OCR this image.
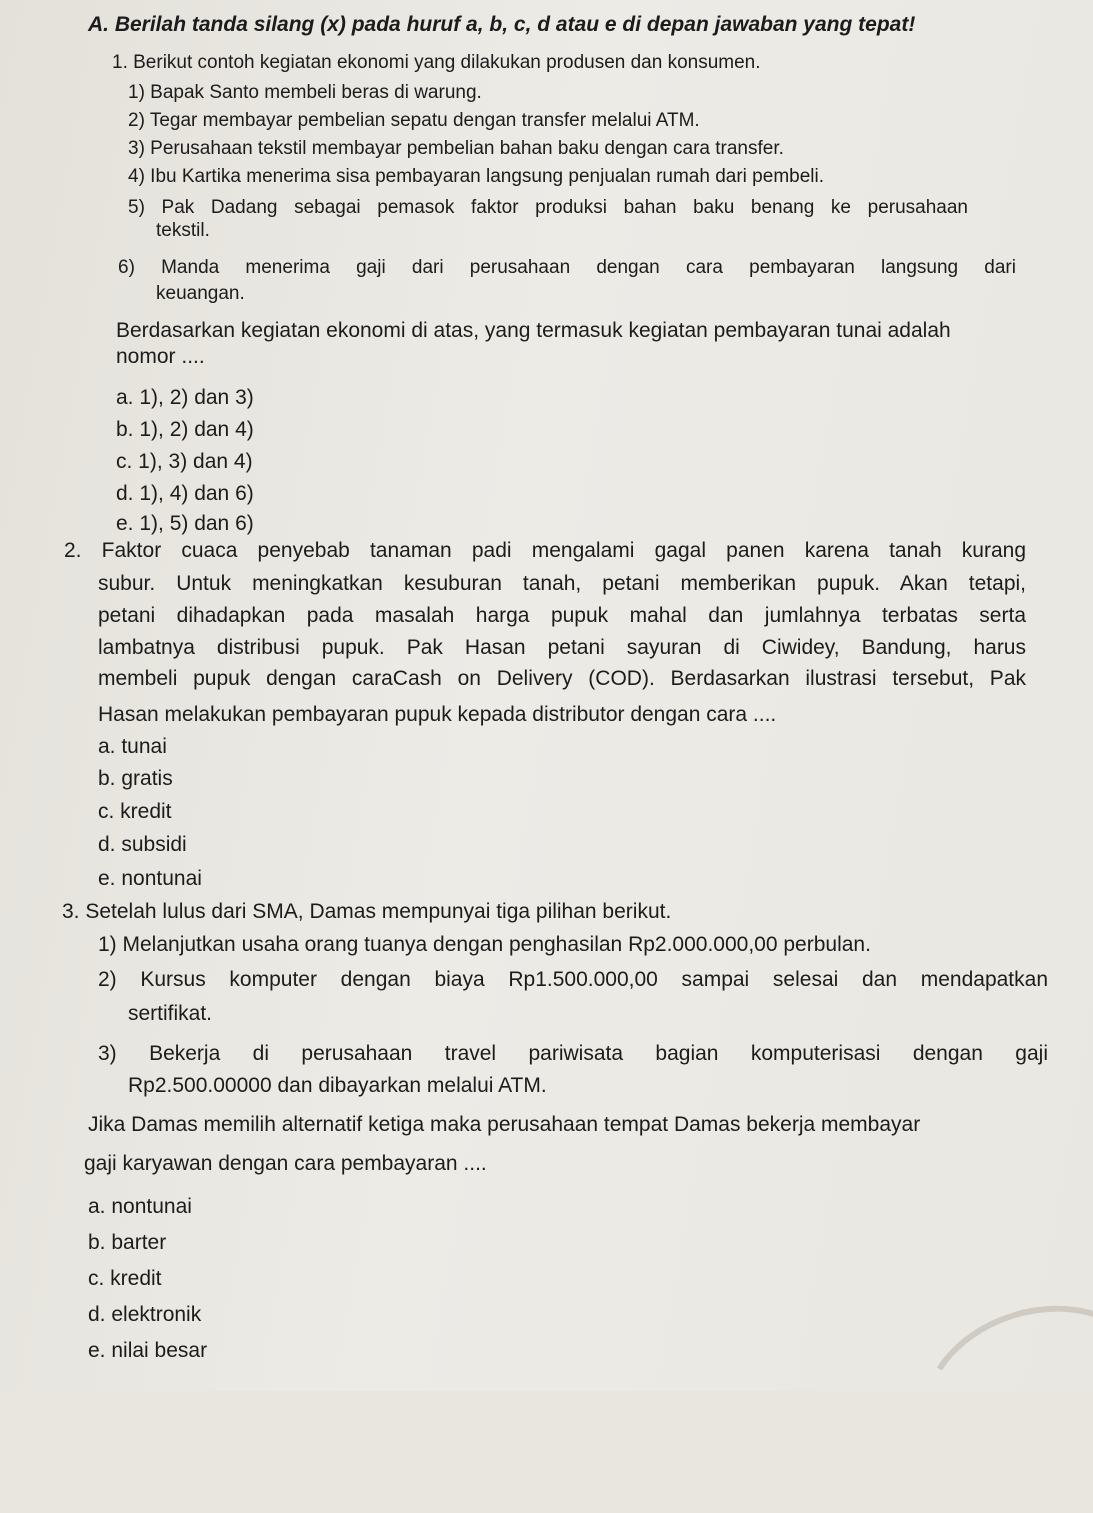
A. Berilah tanda silang (x) pada huruf a, b, c, d atau e di depan jawaban yang tepat!
1. Berikut contoh kegiatan ekonomi yang dilakukan produsen dan konsumen.
1) Bapak Santo membeli beras di warung.
2) Tegar membayar pembelian sepatu dengan transfer melalui ATM.
3) Perusahaan tekstil membayar pembelian bahan baku dengan cara transfer.
4) Ibu Kartika menerima sisa pembayaran langsung penjualan rumah dari pembeli.
5) Pak Dadang sebagai pemasok faktor produksi bahan baku benang ke perusahaan
tekstil.
6) Manda menerima gaji dari perusahaan dengan cara pembayaran langsung dari
keuangan.
Berdasarkan kegiatan ekonomi di atas, yang termasuk kegiatan pembayaran tunai adalah
nomor ....
a. 1), 2) dan 3)
b. 1), 2) dan 4)
c. 1), 3) dan 4)
d. 1), 4) dan 6)
e. 1), 5) dan 6)
2. Faktor cuaca penyebab tanaman padi mengalami gagal panen karena tanah kurang
subur. Untuk meningkatkan kesuburan tanah, petani memberikan pupuk. Akan tetapi,
petani dihadapkan pada masalah harga pupuk mahal dan jumlahnya terbatas serta
lambatnya distribusi pupuk. Pak Hasan petani sayuran di Ciwidey, Bandung, harus
membeli pupuk dengan caraCash on Delivery (COD). Berdasarkan ilustrasi tersebut, Pak
Hasan melakukan pembayaran pupuk kepada distributor dengan cara ....
a. tunai
b. gratis
c. kredit
d. subsidi
e. nontunai
3. Setelah lulus dari SMA, Damas mempunyai tiga pilihan berikut.
1) Melanjutkan usaha orang tuanya dengan penghasilan Rp2.000.000,00 perbulan.
2) Kursus komputer dengan biaya Rp1.500.000,00 sampai selesai dan mendapatkan
sertifikat.
3) Bekerja di perusahaan travel pariwisata bagian komputerisasi dengan gaji
Rp2.500.00000 dan dibayarkan melalui ATM.
Jika Damas memilih alternatif ketiga maka perusahaan tempat Damas bekerja membayar
gaji karyawan dengan cara pembayaran ....
a. nontunai
b. barter
c. kredit
d. elektronik
e. nilai besar
